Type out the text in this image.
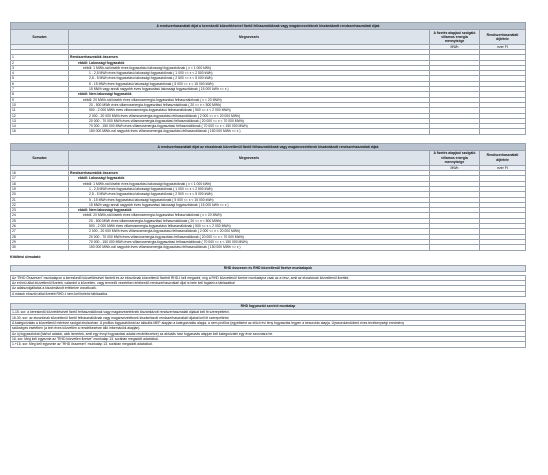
A rendszerhasználati díjat a kereskedő közvetítésével fizető felhasználóknak vagy magánvezetéknek kiszámlázott rendszerhasználati díjak			
Sorszám	Megnevezés	A fizetés alapjául szolgáló villamos energia mennyisége	Rendszerhasználati díjtétele
		MWh	ezer Ft

1	Rendszerhasználók összesen		
2	ebből: Lakossági fogyasztók		
3	ebből: 1 MWh-nál kisebb éves fogyasztású lakossági fogyasztóknak ( x < 1 000 kWh)		
4	1 - 2,5 MWh éves fogyasztású lakossági fogyasztóknak ( 1 000 <= x < 2 500 kWh)		
5	2,5 - 5 MWh éves fogyasztású lakossági fogyasztóknak ( 2 500 <= x < 5 000 kWh)		
6	5 - 15 MWh éves fogyasztású lakossági fogyasztóknak ( 5 000 <= x < 15 000 kWh)		
7	15 MWh vagy annál nagyobb éves fogyasztású lakossági fogyasztóknak ( 15 000 kWh <= x )		
8	ebből: Nem lakossági fogyasztók		
9	ebből: 20 MWh-nál kisebb éves villamosenergia-fogyasztású felhasználóknak ( x < 20 MWh)		
10	20 - 500 MWh éves villamosenergia-fogyasztású felhasználóknak ( 20 <= x < 500 MWh)		
11	500 - 2 000 MWh éves villamosenergia-fogyasztású felhasználóknak ( 500 <= x < 2 000 MWh)		
12	2 000 - 20 000 MWh éves villamosenergia-fogyasztású felhasználóknak ( 2 000 <= x < 20 000 MWh)		
13	20 000 - 70 000 MWh éves villamosenergia-fogyasztású felhasználóknak ( 20 000 <= x < 70 000 MWh)		
14	70 000 - 150 000 MWh éves villamosenergia-fogyasztású felhasználóknak ( 70 000 <= x < 150 000 MWh)		
15	150 000 MWh-nál nagyobb éves villamosenergia-fogyasztású felhasználóknak ( 150 000 MWh <= x )		
A rendszerhasználati díjat az elosztónak közvetlenül fizető felhasználóknak vagy magánvezetéknek kiszámlázott rendszerhasználati díjak			
Sorszám	Megnevezés	A fizetés alapjául szolgáló villamos energia mennyisége	Rendszerhasználati díjtétele
		MWh	ezer Ft
16	Rendszerhasználók összesen		
17	ebből: Lakossági fogyasztók		
18	ebből: 1 MWh-nál kisebb éves fogyasztású lakossági fogyasztóknak ( x < 1 000 kWh)		
19	1 - 2,5 MWh éves fogyasztású lakossági fogyasztóknak ( 1 000 <= x < 2 500 kWh)		
20	2,5 - 5 MWh éves fogyasztású lakossági fogyasztóknak ( 2 500 <= x < 5 000 kWh)		
21	5 - 15 MWh éves fogyasztású lakossági fogyasztóknak ( 5 000 <= x < 15 000 kWh)		
22	15 MWh vagy annál nagyobb éves fogyasztású lakossági fogyasztóknak ( 15 000 kWh <= x )		
23	ebből: Nem lakossági fogyasztók		
24	ebből: 20 MWh-nál kisebb éves villamosenergia-fogyasztású felhasználóknak ( x < 20 MWh)		
25	20 - 500 MWh éves villamosenergia-fogyasztású felhasználóknak ( 20 <= x < 500 MWh)		
26	500 - 2 000 MWh éves villamosenergia-fogyasztású felhasználóknak ( 500 <= x < 2 000 MWh)		
27	2 000 - 20 000 MWh éves villamosenergia-fogyasztású felhasználóknak ( 2 000 <= x < 20 000 MWh)		
28	20 000 - 70 000 MWh éves villamosenergia-fogyasztású felhasználóknak ( 20 000 <= x < 70 000 MWh)		
29	70 000 - 150 000 MWh éves villamosenergia-fogyasztású felhasználóknak ( 70 000 <= x < 150 000 MWh)		
30	150 000 MWh-nál nagyobb éves villamosenergia-fogyasztású felhasználóknak ( 150 000 MWh <= x )		
Kitöltési útmutató
RHD összesen és RHD közvetlenül fizetve munkalapok

Az "RHD Összesen" munkalapon a kereskedő közvetítésével fizetett és az elosztónak közvetlenül fizetett RHD-t kell megadni, míg a RHD közvetlenül fizetve munkalapra csak az a rész, amit az elosztónak közvetlenül fizettek.
Az erőmű által közvetlenül fizetett, valamint a közvetlen, vagy termelői vezetéken értékesítő rendszerhasználati díjat is bele kell foglalni a táblázatba!
Az adatszolgáltatás a kiszámlázott értékekre vonatkozik.
A mások elosztói által fizetett RHD-t nem kell beletni táblázatba.
RHD fogyasztói szerinti munkalap
1-15. sor: a kereskedő közvetítésével fizető felhasználóknak vagy magánvezetéknek kiszámlázott rendszerhasználati díjakat kell itt szerepeltetni.
16-30. sor: az elosztónak közvetlenül fizető felhasználóknak vagy magánvezetéknek kiszámlázott rendszerhasználati díjakat kell itt szerepeltetni.
A kategorizálás a közvetlenül mérésre szolgál elsősorban. A profilos fogyasztóknál az aktuális MEF alapján a kategorizálás alapja, a nem profilos (egyébként az előző évi tény fogyasztás legyen a besorolás alapja. Újrasorolandóként éves tevékenységi eredmény
szükséges esetében (a leírt éves közvetlen a rendelkezésre álló információk alapján).
Az új fogyasztókat (bárhol adatok, akik ismertek, amit egy évnyi fogyasztási adatai rendelkezésre) az aktuális havi fogyasztás alapján kell kategorizálni egy évre szorzásra be.
16. sor: Meg kell egyeznie az "RHD közvetlen fizetve" munkalap 13. sorában megadott adatokkal.
1.+16. sor: Meg kell egyeznie az "RHD összesen" munkalap 13. sorában megadott adatokkal.
